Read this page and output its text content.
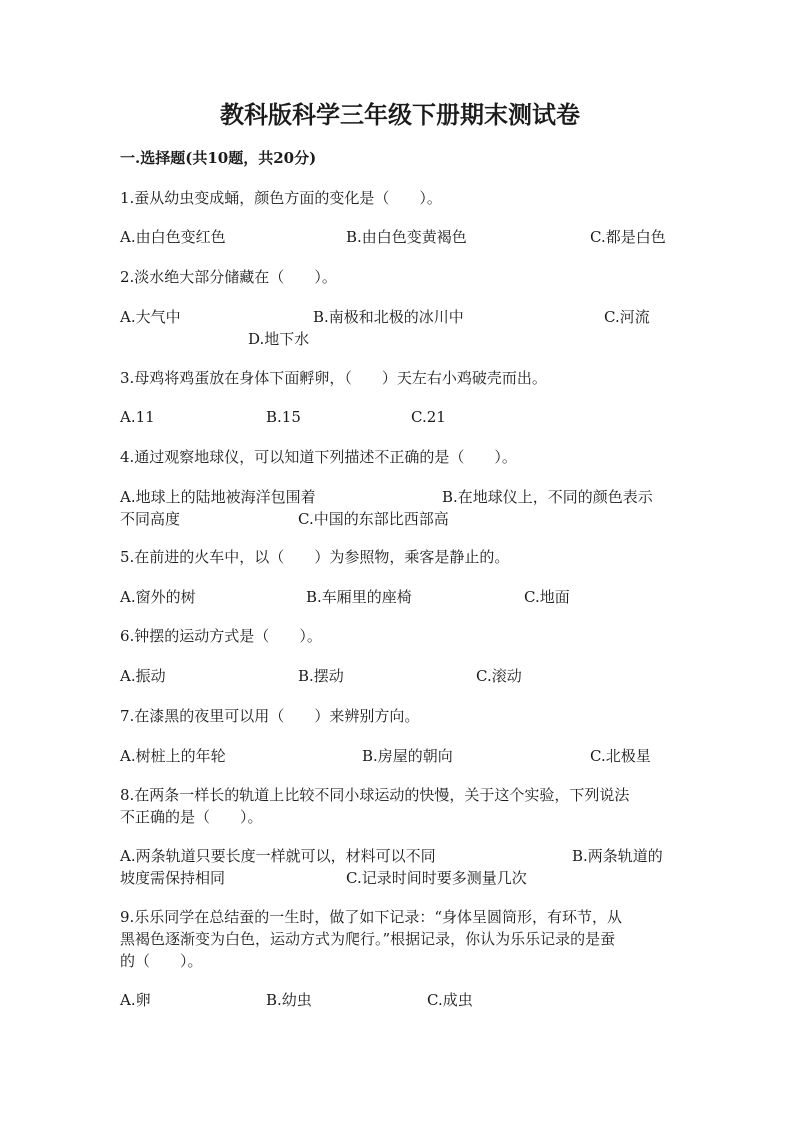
教科版科学三年级下册期末测试卷
一.选择题(共10题，共20分)
1.蚕从幼虫变成蛹，颜色方面的变化是（　　）。
A.由白色变红色	B.由白色变黄褐色	C.都是白色
2.淡水绝大部分储藏在（　　）。
A.大气中	B.南极和北极的冰川中	C.河流
D.地下水
3.母鸡将鸡蛋放在身体下面孵卵，（　　）天左右小鸡破壳而出。
A.11	B.15	C.21
4.通过观察地球仪，可以知道下列描述不正确的是（　　）。
A.地球上的陆地被海洋包围着	B.在地球仪上，不同的颜色表示
不同高度	C.中国的东部比西部高
5.在前进的火车中，以（　　）为参照物，乘客是静止的。
A.窗外的树	B.车厢里的座椅	C.地面
6.钟摆的运动方式是（　　）。
A.振动	B.摆动	C.滚动
7.在漆黑的夜里可以用（　　）来辨别方向。
A.树桩上的年轮	B.房屋的朝向	C.北极星
8.在两条一样长的轨道上比较不同小球运动的快慢，关于这个实验，下列说法
不正确的是（　　）。
A.两条轨道只要长度一样就可以，材料可以不同	B.两条轨道的
坡度需保持相同	C.记录时间时要多测量几次
9.乐乐同学在总结蚕的一生时，做了如下记录：“身体呈圆筒形，有环节，从
黑褐色逐渐变为白色，运动方式为爬行。”根据记录，你认为乐乐记录的是蚕
的（　　）。
A.卵	B.幼虫	C.成虫
